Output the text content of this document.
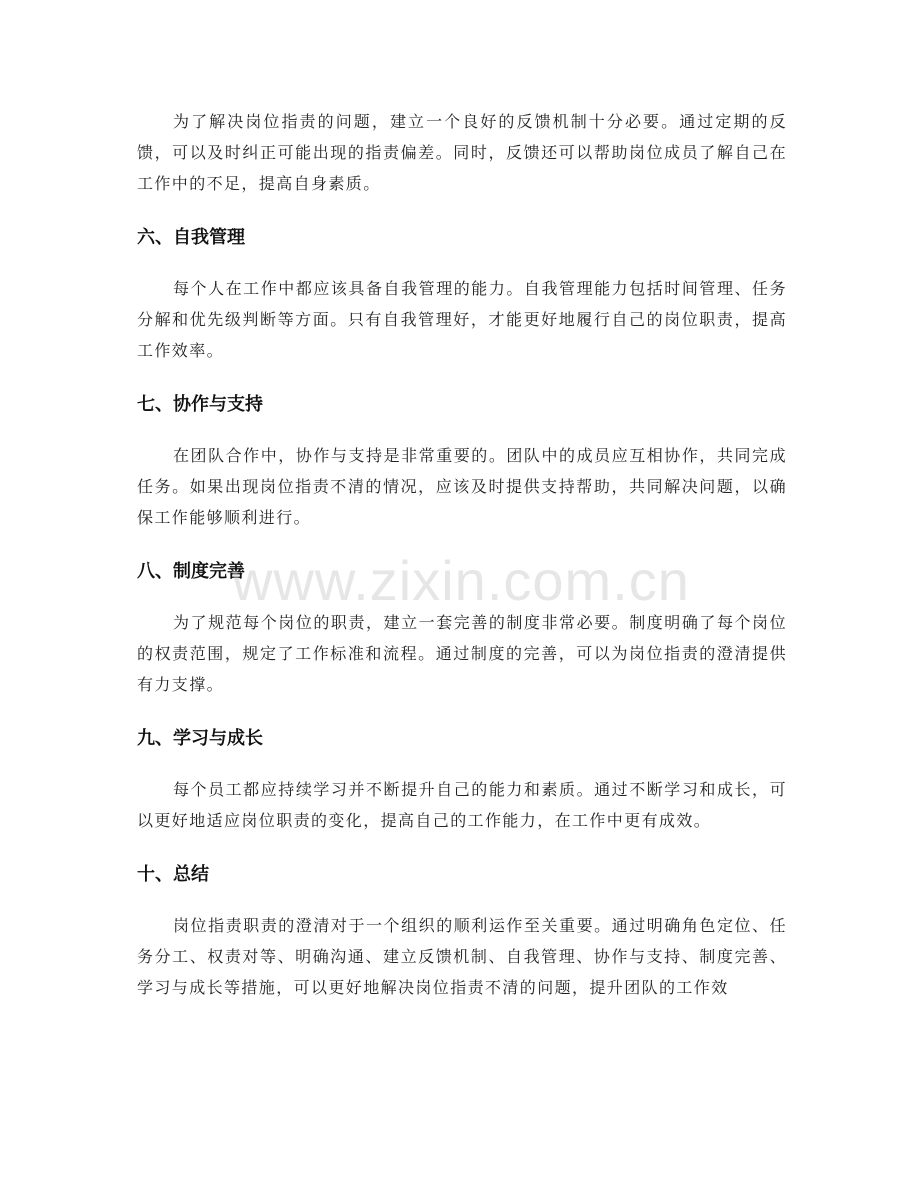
为了解决岗位指责的问题，建立一个良好的反馈机制十分必要。通过定期的反馈，可以及时纠正可能出现的指责偏差。同时，反馈还可以帮助岗位成员了解自己在工作中的不足，提高自身素质。

六、自我管理

每个人在工作中都应该具备自我管理的能力。自我管理能力包括时间管理、任务分解和优先级判断等方面。只有自我管理好，才能更好地履行自己的岗位职责，提高工作效率。

七、协作与支持

在团队合作中，协作与支持是非常重要的。团队中的成员应互相协作，共同完成任务。如果出现岗位指责不清的情况，应该及时提供支持帮助，共同解决问题，以确保工作能够顺利进行。

八、制度完善

为了规范每个岗位的职责，建立一套完善的制度非常必要。制度明确了每个岗位的权责范围，规定了工作标准和流程。通过制度的完善，可以为岗位指责的澄清提供有力支撑。

九、学习与成长

每个员工都应持续学习并不断提升自己的能力和素质。通过不断学习和成长，可以更好地适应岗位职责的变化，提高自己的工作能力，在工作中更有成效。

十、总结

岗位指责职责的澄清对于一个组织的顺利运作至关重要。通过明确角色定位、任务分工、权责对等、明确沟通、建立反馈机制、自我管理、协作与支持、制度完善、学习与成长等措施，可以更好地解决岗位指责不清的问题，提升团队的工作效

www.zixin.com.cn
